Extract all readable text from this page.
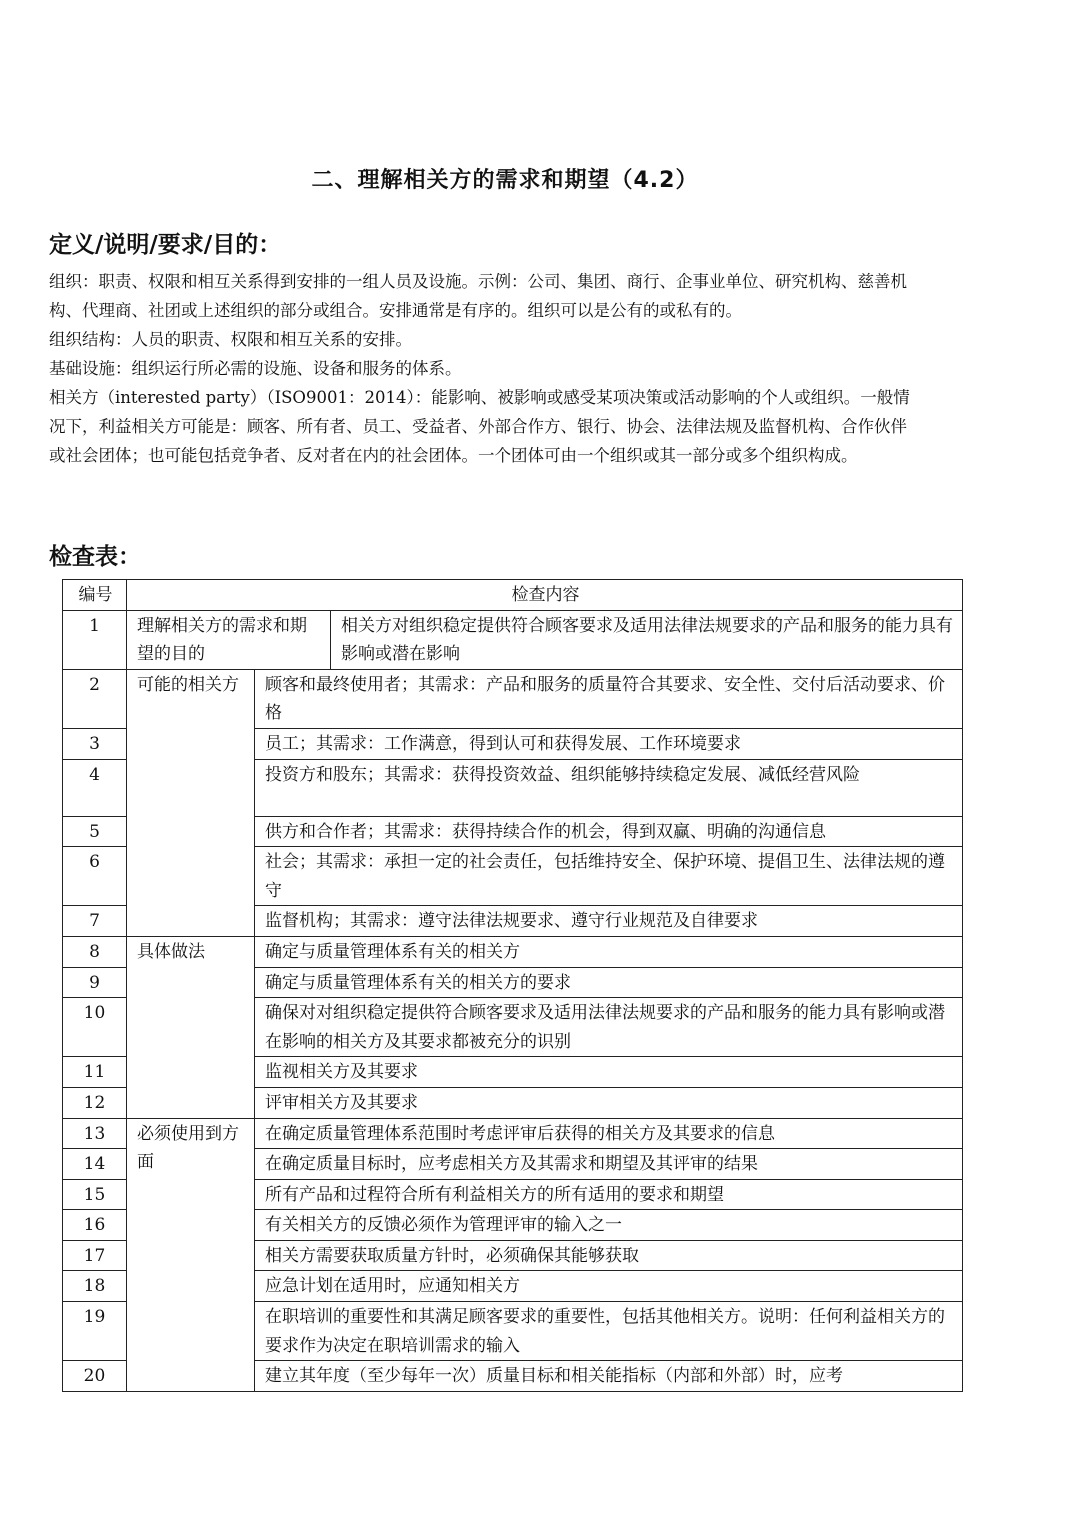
二、理解相关方的需求和期望（4.2）
定义/说明/要求/目的：

组织：职责、权限和相互关系得到安排的一组人员及设施。示例：公司、集团、商行、企事业单位、研究机构、慈善机构、代理商、社团或上述组织的部分或组合。安排通常是有序的。组织可以是公有的或私有的。

组织结构：人员的职责、权限和相互关系的安排。

基础设施：组织运行所必需的设施、设备和服务的体系。

相关方（interested party）（ISO9001：2014）：能影响、被影响或感受某项决策或活动影响的个人或组织。一般情况下，利益相关方可能是：顾客、所有者、员工、受益者、外部合作方、银行、协会、法律法规及监督机构、合作伙伴或社会团体；也可能包括竞争者、反对者在内的社会团体。一个团体可由一个组织或其一部分或多个组织构成。

检查表：
编号	检查内容		
1	理解相关方的需求和期望的目的		相关方对组织稳定提供符合顾客要求及适用法律法规要求的产品和服务的能力具有影响或潜在影响
2	可能的相关方	顾客和最终使用者；其需求：产品和服务的质量符合其要求、安全性、交付后活动要求、价格	
3		员工；其需求：工作满意，得到认可和获得发展、工作环境要求	
4		投资方和股东；其需求：获得投资效益、组织能够持续稳定发展、减低经营风险	
5		供方和合作者；其需求：获得持续合作的机会，得到双赢、明确的沟通信息	
6		社会；其需求：承担一定的社会责任，包括维持安全、保护环境、提倡卫生、法律法规的遵守	
7		监督机构；其需求：遵守法律法规要求、遵守行业规范及自律要求	
8	具体做法	确定与质量管理体系有关的相关方	
9		确定与质量管理体系有关的相关方的要求	
10		确保对对组织稳定提供符合顾客要求及适用法律法规要求的产品和服务的能力具有影响或潜在影响的相关方及其要求都被充分的识别	
11		监视相关方及其要求	
12		评审相关方及其要求	
13	必须使用到方面	在确定质量管理体系范围时考虑评审后获得的相关方及其要求的信息	
14		在确定质量目标时，应考虑相关方及其需求和期望及其评审的结果	
15		所有产品和过程符合所有利益相关方的所有适用的要求和期望	
16		有关相关方的反馈必须作为管理评审的输入之一	
17		相关方需要获取质量方针时，必须确保其能够获取	
18		应急计划在适用时，应通知相关方	
19		在职培训的重要性和其满足顾客要求的重要性，包括其他相关方。说明：任何利益相关方的要求作为决定在职培训需求的输入	
20		建立其年度（至少每年一次）质量目标和相关能指标（内部和外部）时，应考	
